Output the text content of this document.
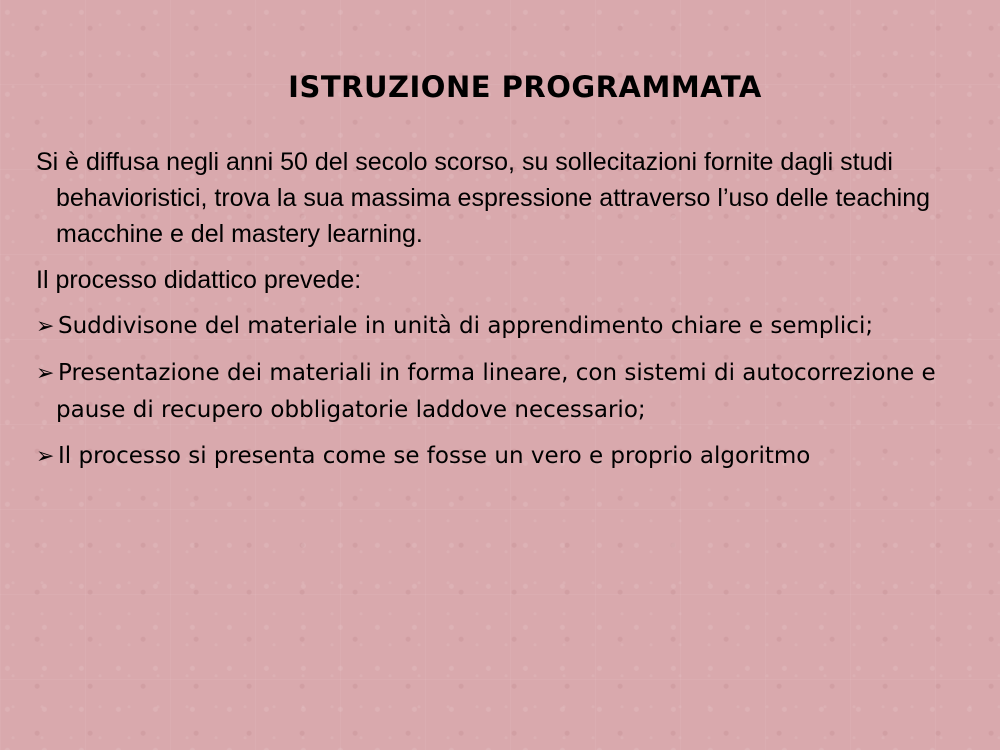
ISTRUZIONE PROGRAMMATA

Si è diffusa negli anni 50 del secolo scorso, su sollecitazioni fornite dagli studi behavioristici, trova la sua massima espressione attraverso l’uso delle teaching macchine e del mastery learning.

Il processo didattico prevede:

➢ Suddivisone del materiale in unità di apprendimento chiare e semplici;
➢ Presentazione dei materiali in forma lineare, con sistemi di autocorrezione e pause di recupero obbligatorie laddove necessario;
➢ Il processo si presenta come se fosse un vero e proprio algoritmo
